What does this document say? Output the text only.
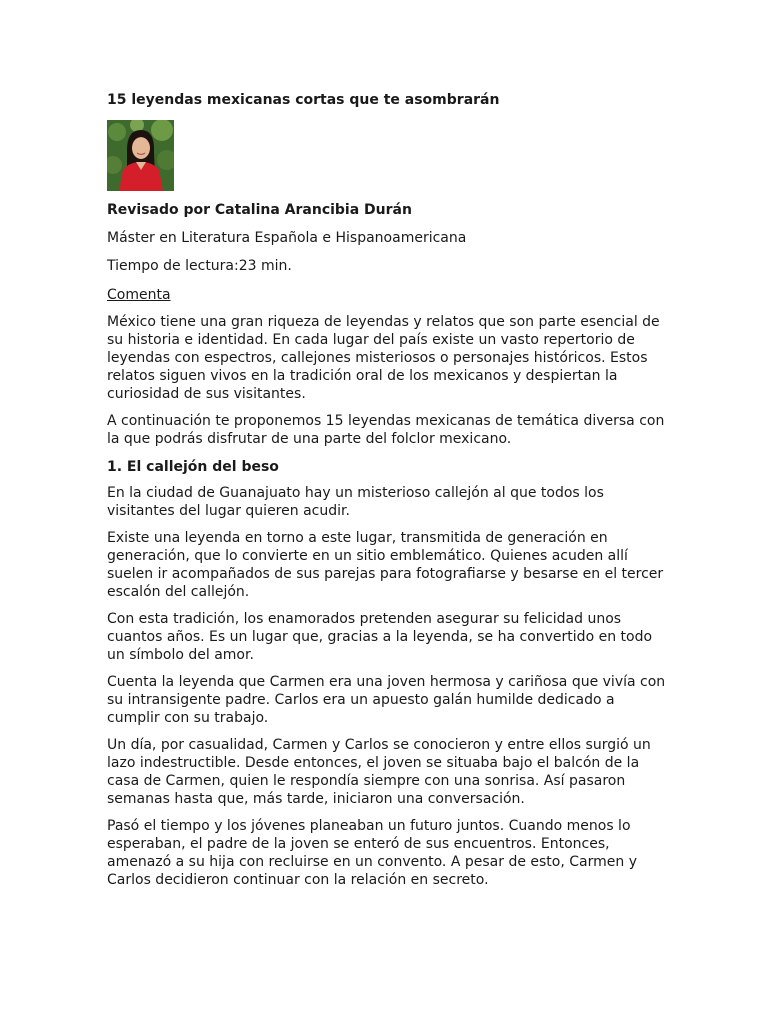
15 leyendas mexicanas cortas que te asombrarán
Revisado por Catalina Arancibia Durán
Máster en Literatura Española e Hispanoamericana
Tiempo de lectura:23 min.
Comenta

México tiene una gran riqueza de leyendas y relatos que son parte esencial de su historia e identidad. En cada lugar del país existe un vasto repertorio de leyendas con espectros, callejones misteriosos o personajes históricos. Estos relatos siguen vivos en la tradición oral de los mexicanos y despiertan la curiosidad de sus visitantes.

A continuación te proponemos 15 leyendas mexicanas de temática diversa con la que podrás disfrutar de una parte del folclor mexicano.

1. El callejón del beso

En la ciudad de Guanajuato hay un misterioso callejón al que todos los visitantes del lugar quieren acudir.

Existe una leyenda en torno a este lugar, transmitida de generación en generación, que lo convierte en un sitio emblemático. Quienes acuden allí suelen ir acompañados de sus parejas para fotografiarse y besarse en el tercer escalón del callejón.

Con esta tradición, los enamorados pretenden asegurar su felicidad unos cuantos años. Es un lugar que, gracias a la leyenda, se ha convertido en todo un símbolo del amor.

Cuenta la leyenda que Carmen era una joven hermosa y cariñosa que vivía con su intransigente padre. Carlos era un apuesto galán humilde dedicado a cumplir con su trabajo.

Un día, por casualidad, Carmen y Carlos se conocieron y entre ellos surgió un lazo indestructible. Desde entonces, el joven se situaba bajo el balcón de la casa de Carmen, quien le respondía siempre con una sonrisa. Así pasaron semanas hasta que, más tarde, iniciaron una conversación.

Pasó el tiempo y los jóvenes planeaban un futuro juntos. Cuando menos lo esperaban, el padre de la joven se enteró de sus encuentros. Entonces, amenazó a su hija con recluirse en un convento. A pesar de esto, Carmen y Carlos decidieron continuar con la relación en secreto.
